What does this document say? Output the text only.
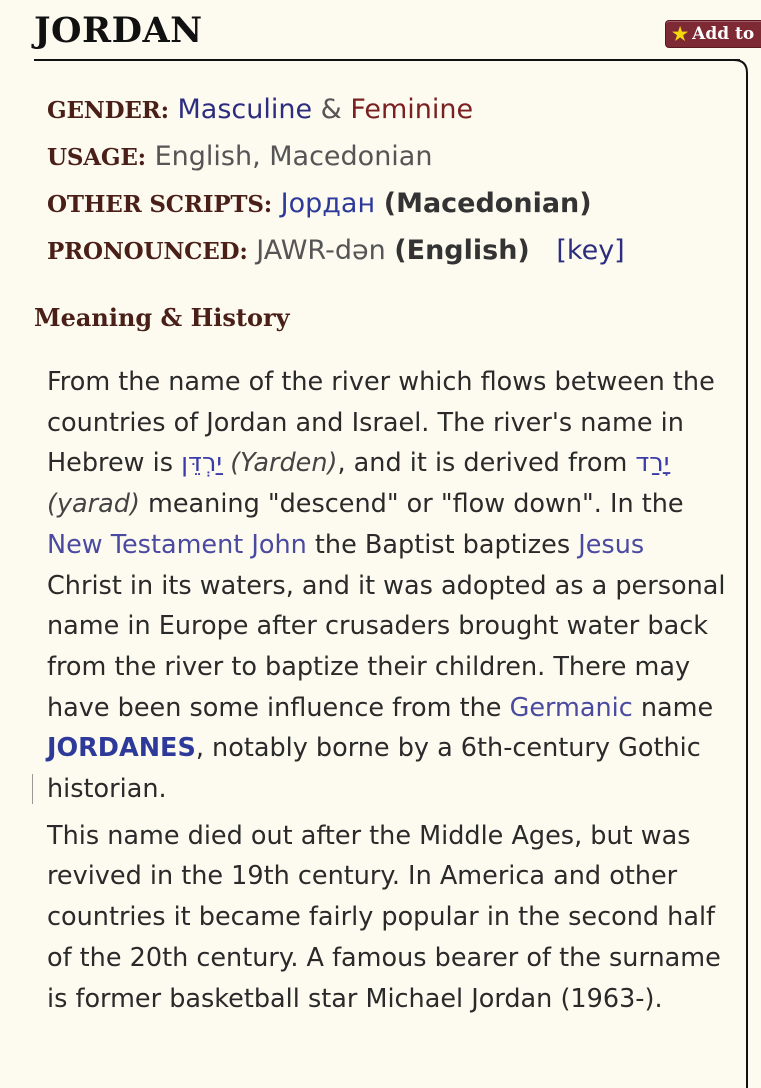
JORDAN	★ Add to
GENDER: Masculine & Feminine
USAGE: English, Macedonian
OTHER SCRIPTS: Јордан (Macedonian)
PRONOUNCED: JAWR-dən (English) [key]
Meaning & History
From the name of the river which flows between the countries of Jordan and Israel. The river's name in Hebrew is יַרְדֵּן (Yarden), and it is derived from יָרַד (yarad) meaning "descend" or "flow down". In the New Testament John the Baptist baptizes Jesus Christ in its waters, and it was adopted as a personal name in Europe after crusaders brought water back from the river to baptize their children. There may have been some influence from the Germanic name JORDANES, notably borne by a 6th-century Gothic historian.
This name died out after the Middle Ages, but was revived in the 19th century. In America and other countries it became fairly popular in the second half of the 20th century. A famous bearer of the surname is former basketball star Michael Jordan (1963-).
